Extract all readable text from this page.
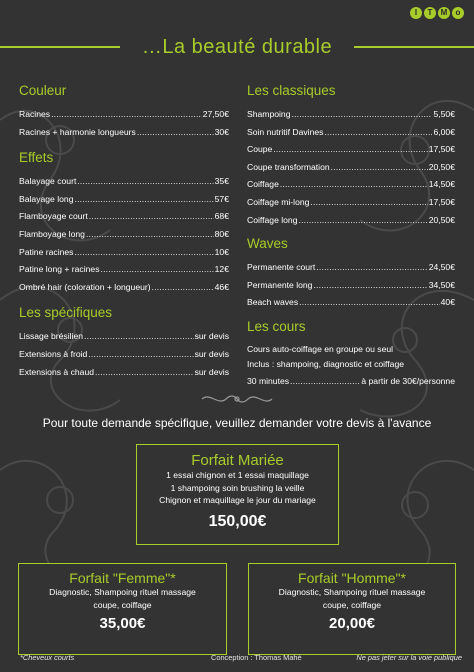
I	T	M	o
…La beauté durable
Couleur
Racines .....	27,50€
Racines + harmonie longueurs .....	30€
Effets
Balayage court .....	35€
Balayage long .....	57€
Flamboyage court .....	68€
Flamboyage long .....	80€
Patine racines .....	10€
Patine long + racines .....	12€
Ombré hair (coloration + longueur) .....	46€
Les spécifiques
Lissage brésilien .....	sur devis
Extensions à froid .....	sur devis
Extensions à chaud .....	sur devis
Les classiques
Shampoing .....	5,50€
Soin nutritif Davines .....	6,00€
Coupe .....	17,50€
Coupe transformation .....	20,50€
Coiffage .....	14,50€
Coiffage mi-long .....	17,50€
Coiffage long .....	20,50€
Waves
Permanente court .....	24,50€
Permanente long .....	34,50€
Beach waves .....	40€
Les cours
Cours auto-coiffage en groupe ou seul
Inclus : shampoing, diagnostic et coiffage
30 minutes .....	à partir de 30€/personne
Pour toute demande spécifique, veuillez demander votre devis à l'avance
Forfait Mariée
1 essai chignon et 1 essai maquillage
1 shampoing soin brushing la veille
Chignon et maquillage le jour du mariage
150,00€
Forfait "Femme"*
Diagnostic, Shampoing rituel massage
coupe, coiffage
35,00€
Forfait "Homme"*
Diagnostic, Shampoing rituel massage
coupe, coiffage
20,00€
*Cheveux courts	Conception : Thomas Mahé	Ne pas jeter sur la voie publique
